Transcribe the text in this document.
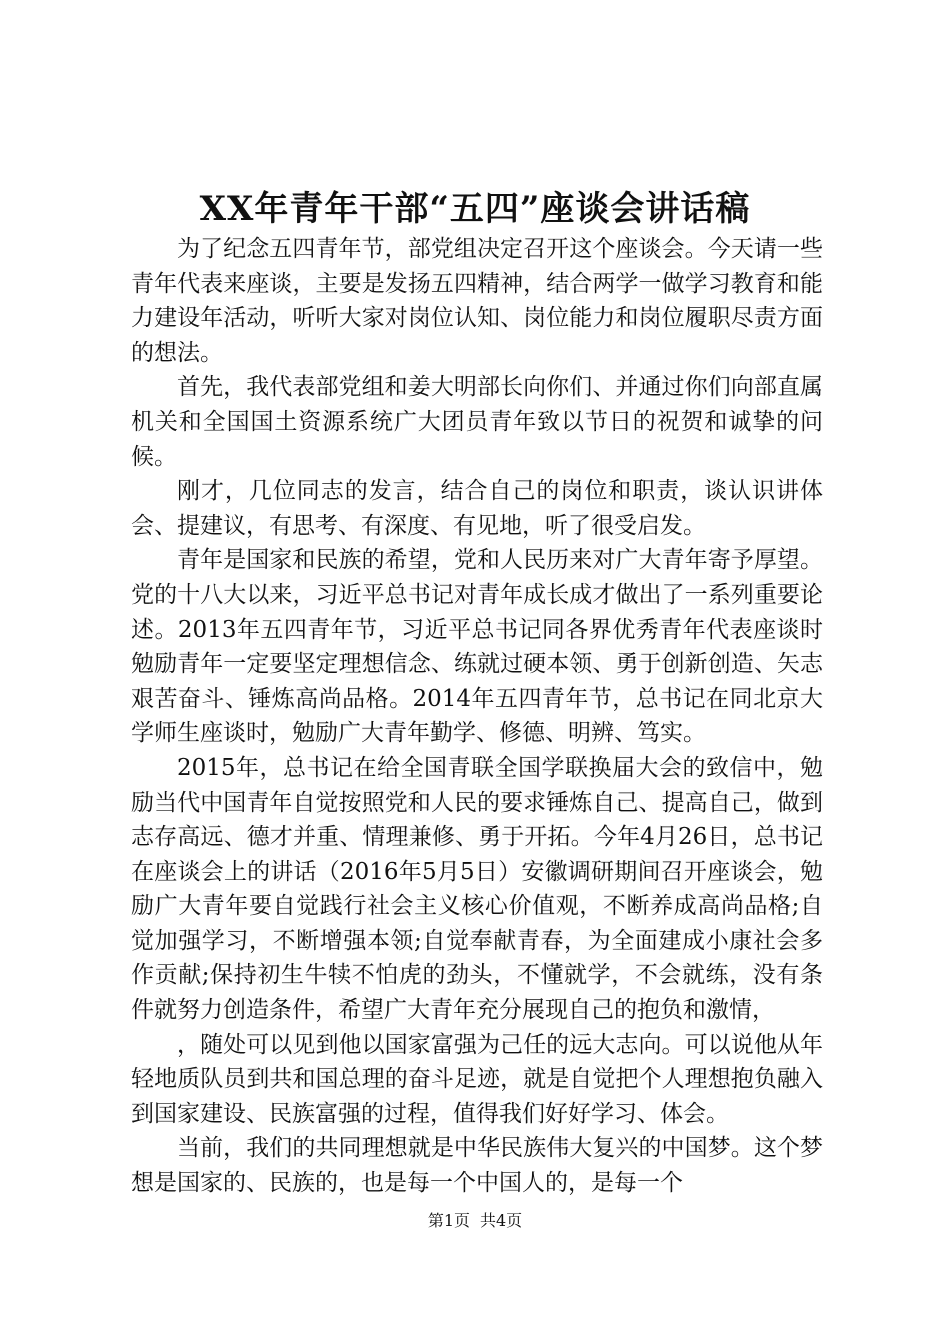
XX年青年干部“五四”座谈会讲话稿

为了纪念五四青年节，部党组决定召开这个座谈会。今天请一些青年代表来座谈，主要是发扬五四精神，结合两学一做学习教育和能力建设年活动，听听大家对岗位认知、岗位能力和岗位履职尽责方面的想法。

首先，我代表部党组和姜大明部长向你们、并通过你们向部直属机关和全国国土资源系统广大团员青年致以节日的祝贺和诚挚的问候。

刚才，几位同志的发言，结合自己的岗位和职责，谈认识讲体会、提建议，有思考、有深度、有见地，听了很受启发。

青年是国家和民族的希望，党和人民历来对广大青年寄予厚望。党的十八大以来，习近平总书记对青年成长成才做出了一系列重要论述。2013年五四青年节，习近平总书记同各界优秀青年代表座谈时勉励青年一定要坚定理想信念、练就过硬本领、勇于创新创造、矢志艰苦奋斗、锤炼高尚品格。2014年五四青年节，总书记在同北京大学师生座谈时，勉励广大青年勤学、修德、明辨、笃实。

2015年，总书记在给全国青联全国学联换届大会的致信中，勉励当代中国青年自觉按照党和人民的要求锤炼自己、提高自己，做到志存高远、德才并重、情理兼修、勇于开拓。今年4月26日，总书记在座谈会上的讲话（2016年5月5日）安徽调研期间召开座谈会，勉励广大青年要自觉践行社会主义核心价值观，不断养成高尚品格;自觉加强学习，不断增强本领;自觉奉献青春，为全面建成小康社会多作贡献;保持初生牛犊不怕虎的劲头，不懂就学，不会就练，没有条件就努力创造条件，希望广大青年充分展现自己的抱负和激情，

，随处可以见到他以国家富强为己任的远大志向。可以说他从年轻地质队员到共和国总理的奋斗足迹，就是自觉把个人理想抱负融入到国家建设、民族富强的过程，值得我们好好学习、体会。

当前，我们的共同理想就是中华民族伟大复兴的中国梦。这个梦想是国家的、民族的，也是每一个中国人的，是每一个

第1页 共4页
